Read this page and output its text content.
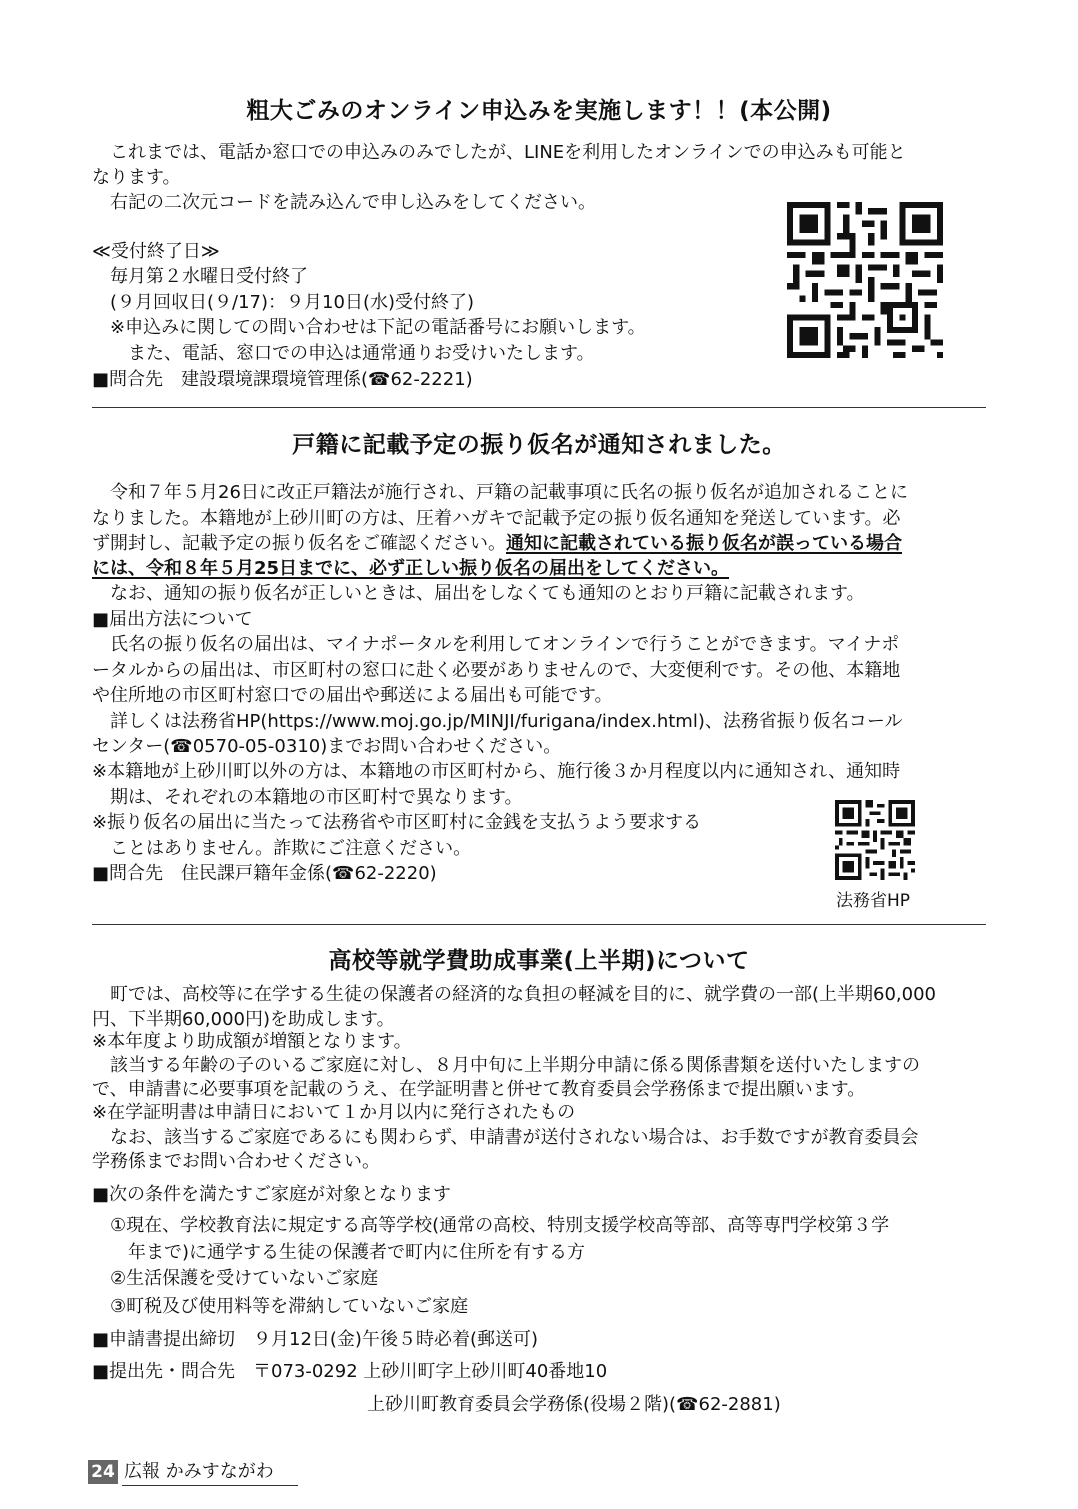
粗大ごみのオンライン申込みを実施します！！(本公開)
これまでは、電話か窓口での申込みのみでしたが、LINEを利用したオンラインでの申込みも可能と
なります。
右記の二次元コードを読み込んで申し込みをしてください。
≪受付終了日≫
毎月第２水曜日受付終了
(９月回収日(９/17)：９月10日(水)受付終了)
※申込みに関しての問い合わせは下記の電話番号にお願いします。
また、電話、窓口での申込は通常通りお受けいたします。
■問合先　建設環境課環境管理係(☎62-2221)
戸籍に記載予定の振り仮名が通知されました。
令和７年５月26日に改正戸籍法が施行され、戸籍の記載事項に氏名の振り仮名が追加されることに
なりました。本籍地が上砂川町の方は、圧着ハガキで記載予定の振り仮名通知を発送しています。必
ず開封し、記載予定の振り仮名をご確認ください。通知に記載されている振り仮名が誤っている場合
には、令和８年５月25日までに、必ず正しい振り仮名の届出をしてください。
なお、通知の振り仮名が正しいときは、届出をしなくても通知のとおり戸籍に記載されます。
■届出方法について
氏名の振り仮名の届出は、マイナポータルを利用してオンラインで行うことができます。マイナポ
ータルからの届出は、市区町村の窓口に赴く必要がありませんので、大変便利です。その他、本籍地
や住所地の市区町村窓口での届出や郵送による届出も可能です。
詳しくは法務省HP(https://www.moj.go.jp/MINJI/furigana/index.html)、法務省振り仮名コール
センター(☎0570-05-0310)までお問い合わせください。
※本籍地が上砂川町以外の方は、本籍地の市区町村から、施行後３か月程度以内に通知され、通知時
期は、それぞれの本籍地の市区町村で異なります。
※振り仮名の届出に当たって法務省や市区町村に金銭を支払うよう要求する
ことはありません。詐欺にご注意ください。
■問合先　住民課戸籍年金係(☎62-2220)
法務省HP
高校等就学費助成事業(上半期)について
町では、高校等に在学する生徒の保護者の経済的な負担の軽減を目的に、就学費の一部(上半期60,000
円、下半期60,000円)を助成します。
※本年度より助成額が増額となります。
該当する年齢の子のいるご家庭に対し、８月中旬に上半期分申請に係る関係書類を送付いたしますの
で、申請書に必要事項を記載のうえ、在学証明書と併せて教育委員会学務係まで提出願います。
※在学証明書は申請日において１か月以内に発行されたもの
なお、該当するご家庭であるにも関わらず、申請書が送付されない場合は、お手数ですが教育委員会
学務係までお問い合わせください。
■次の条件を満たすご家庭が対象となります
①現在、学校教育法に規定する高等学校(通常の高校、特別支援学校高等部、高等専門学校第３学
年まで)に通学する生徒の保護者で町内に住所を有する方
②生活保護を受けていないご家庭
③町税及び使用料等を滞納していないご家庭
■申請書提出締切　９月12日(金)午後５時必着(郵送可)
■提出先・問合先　〒073-0292 上砂川町字上砂川町40番地10
上砂川町教育委員会学務係(役場２階)(☎62-2881)
24 広報 かみすながわ
